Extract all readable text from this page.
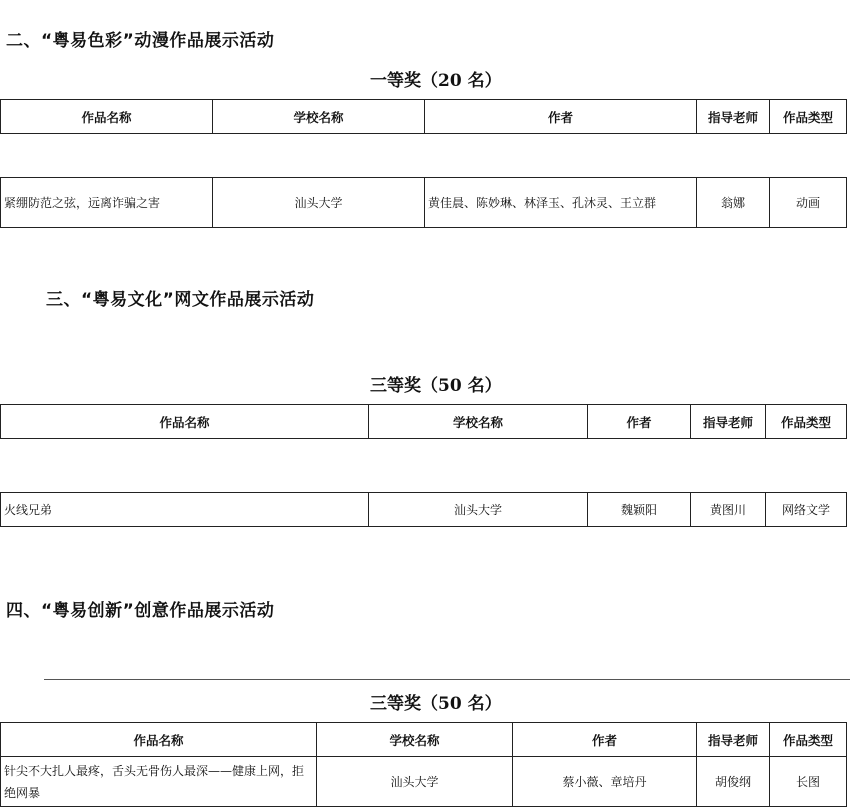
二、“粤易色彩”动漫作品展示活动
一等奖（20 名）
作品名称	学校名称	作者	指导老师	作品类型

紧绷防范之弦，远离诈骗之害	汕头大学	黄佳晨、陈妙琳、林泽玉、孔沐灵、王立群	翁娜	动画
三、“粤易文化”网文作品展示活动
三等奖（50 名）
作品名称	学校名称	作者	指导老师	作品类型

火线兄弟	汕头大学	魏颖阳	黄图川	网络文学
四、“粤易创新”创意作品展示活动
三等奖（50 名）
作品名称	学校名称	作者	指导老师	作品类型
针尖不大扎人最疼，舌头无骨伤人最深——健康上网，拒绝网暴	汕头大学	蔡小薇、章培丹	胡俊纲	长图
